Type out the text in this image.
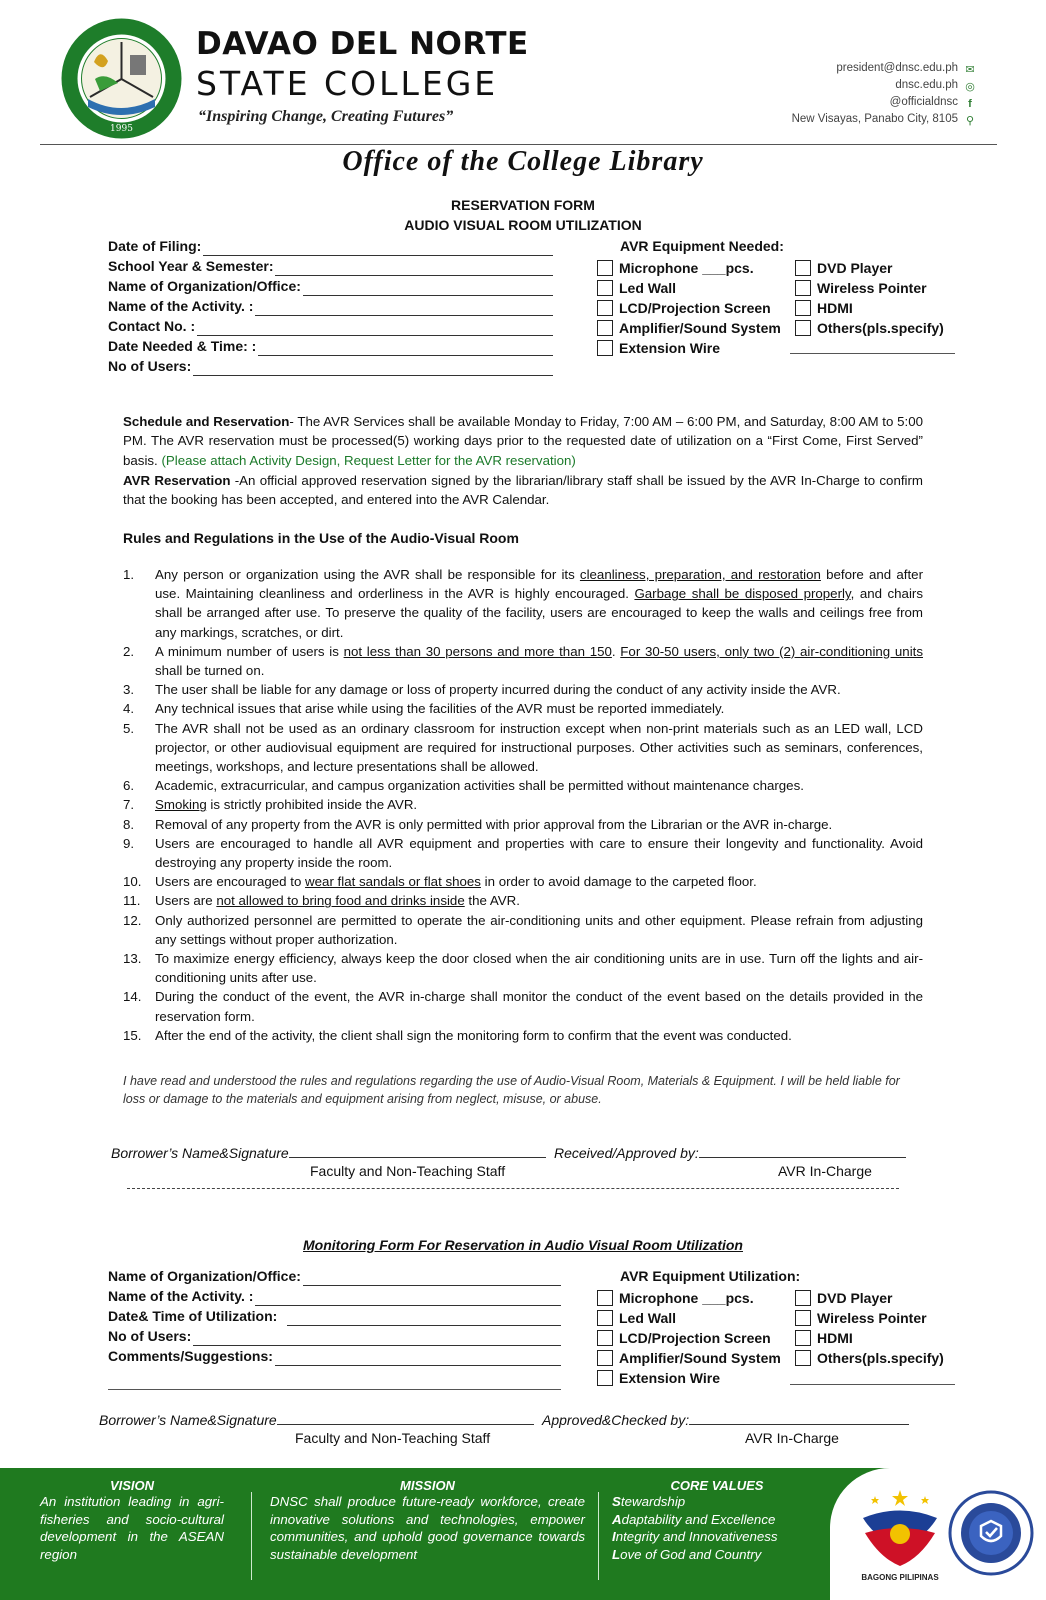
1995
DAVAO DEL NORTE
STATE COLLEGE
“Inspiring Change, Creating Futures”
president@dnsc.edu.ph
dnsc.edu.ph
@officialdnsc
New Visayas, Panabo City, 8105
✉
◎
f
⚲
Office of the College Library
RESERVATION FORM
AUDIO VISUAL ROOM UTILIZATION
Date of Filing:
School Year & Semester:
Name of Organization/Office:
Name of the Activity. :
Contact No. :
Date Needed & Time: :
No of Users:
AVR Equipment Needed:
Microphone ___pcs.
Led Wall
LCD/Projection Screen
Amplifier/Sound System
Extension Wire
DVD Player
Wireless Pointer
HDMI
Others(pls.specify)
Schedule and Reservation- The AVR Services shall be available Monday to Friday, 7:00 AM – 6:00 PM, and Saturday, 8:00 AM to 5:00 PM. The AVR reservation must be processed(5) working days prior to the requested date of utilization on a “First Come, First Served” basis. (Please attach Activity Design, Request Letter for the AVR reservation)
AVR Reservation -An official approved reservation signed by the librarian/library staff shall be issued by the AVR In-Charge to confirm that the booking has been accepted, and entered into the AVR Calendar.
Rules and Regulations in the Use of the Audio-Visual Room
1. Any person or organization using the AVR shall be responsible for its cleanliness, preparation, and restoration before and after use. Maintaining cleanliness and orderliness in the AVR is highly encouraged. Garbage shall be disposed properly, and chairs shall be arranged after use. To preserve the quality of the facility, users are encouraged to keep the walls and ceilings free from any markings, scratches, or dirt.
2. A minimum number of users is not less than 30 persons and more than 150. For 30-50 users, only two (2) air-conditioning units shall be turned on.
3. The user shall be liable for any damage or loss of property incurred during the conduct of any activity inside the AVR.
4. Any technical issues that arise while using the facilities of the AVR must be reported immediately.
5. The AVR shall not be used as an ordinary classroom for instruction except when non-print materials such as an LED wall, LCD projector, or other audiovisual equipment are required for instructional purposes. Other activities such as seminars, conferences, meetings, workshops, and lecture presentations shall be allowed.
6. Academic, extracurricular, and campus organization activities shall be permitted without maintenance charges.
7. Smoking is strictly prohibited inside the AVR.
8. Removal of any property from the AVR is only permitted with prior approval from the Librarian or the AVR in-charge.
9. Users are encouraged to handle all AVR equipment and properties with care to ensure their longevity and functionality. Avoid destroying any property inside the room.
10. Users are encouraged to wear flat sandals or flat shoes in order to avoid damage to the carpeted floor.
11. Users are not allowed to bring food and drinks inside the AVR.
12. Only authorized personnel are permitted to operate the air-conditioning units and other equipment. Please refrain from adjusting any settings without proper authorization.
13. To maximize energy efficiency, always keep the door closed when the air conditioning units are in use. Turn off the lights and air-conditioning units after use.
14. During the conduct of the event, the AVR in-charge shall monitor the conduct of the event based on the details provided in the reservation form.
15. After the end of the activity, the client shall sign the monitoring form to confirm that the event was conducted.
I have read and understood the rules and regulations regarding the use of Audio-Visual Room, Materials & Equipment. I will be held liable for loss or damage to the materials and equipment arising from neglect, misuse, or abuse.
Borrower’s Name&Signature
Faculty and Non-Teaching Staff
Received/Approved by:
AVR In-Charge
Monitoring Form For Reservation in Audio Visual Room Utilization
Name of Organization/Office:
Name of the Activity. :
Date& Time of Utilization:
No of Users:
Comments/Suggestions:
AVR Equipment Utilization:
Microphone ___pcs.
Led Wall
LCD/Projection Screen
Amplifier/Sound System
Extension Wire
DVD Player
Wireless Pointer
HDMI
Others(pls.specify)
Borrower’s Name&Signature
Faculty and Non-Teaching Staff
Approved&Checked by:
AVR In-Charge
VISION
An institution leading in agri-fisheries and socio-cultural development in the ASEAN region
MISSION
DNSC shall produce future-ready workforce, create innovative solutions and technologies, empower communities, and uphold good governance towards sustainable development
CORE VALUES
Stewardship
Adaptability and Excellence
Integrity and Innovativeness
Love of God and Country
BAGONG PILIPINAS
